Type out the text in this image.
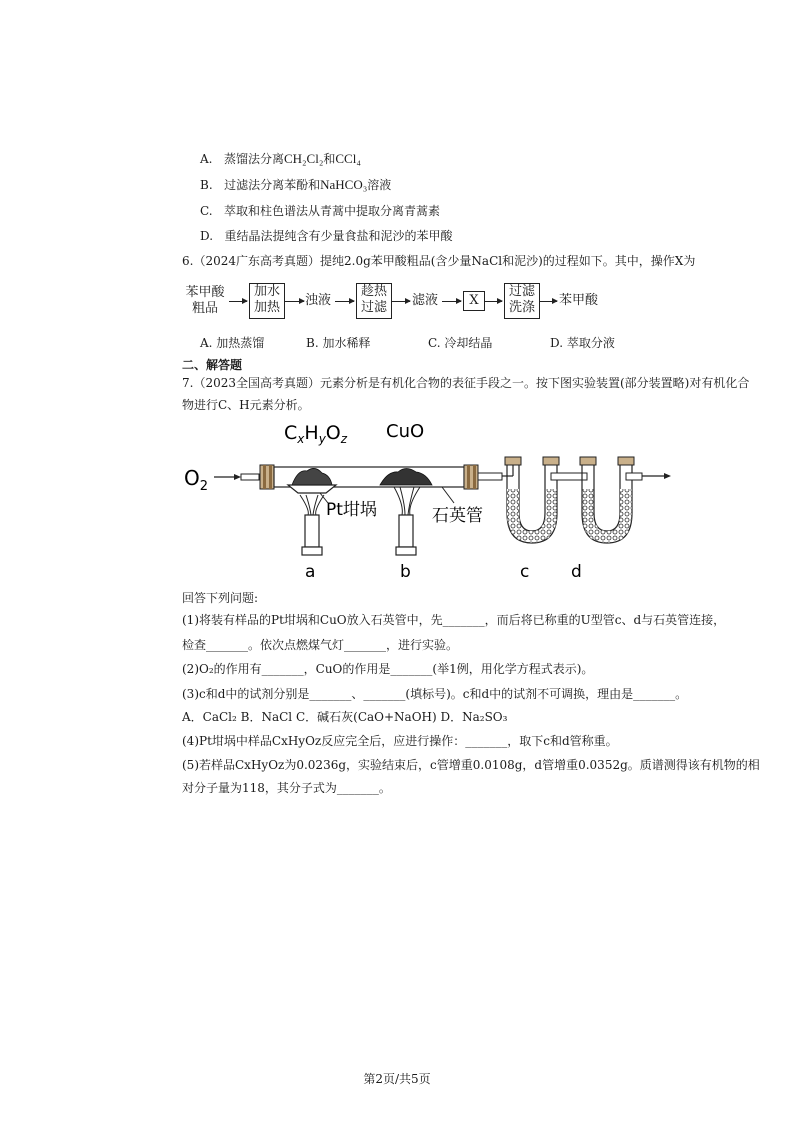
A. 蒸馏法分离CH₂Cl₂和CCl₄
B. 过滤法分离苯酚和NaHCO₃溶液
C. 萃取和柱色谱法从青蒿中提取分离青蒿素
D. 重结晶法提纯含有少量食盐和泥沙的苯甲酸
6.（2024广东高考真题）提纯2.0g苯甲酸粗品(含少量NaCl和泥沙)的过程如下。其中，操作X为
苯甲酸
粗品
加水
加热	浊液
趁热
过滤	滤液	X
过滤
洗涤	苯甲酸
A. 加热蒸馏	B. 加水稀释	C. 冷却结晶	D. 萃取分液
二、解答题
7.（2023全国高考真题）元素分析是有机化合物的表征手段之一。按下图实验装置(部分装置略)对有机化合
物进行C、H元素分析。
$O_2$
$C_xH_yO_z$ CuO
Pt坩埚	石英管
a	b	c d
回答下列问题:
(1)将装有样品的Pt坩埚和CuO放入石英管中，先_______，而后将已称重的U型管c、d与石英管连接，
检查_______。依次点燃煤气灯_______，进行实验。
(2)O₂的作用有_______，CuO的作用是_______(举1例，用化学方程式表示)。
(3)c和d中的试剂分别是_______、_______(填标号)。c和d中的试剂不可调换，理由是_______。
A．CaCl₂ B．NaCl C．碱石灰(CaO+NaOH) D．Na₂SO₃
(4)Pt坩埚中样品CxHyOz反应完全后，应进行操作：_______，取下c和d管称重。
(5)若样品CxHyOz为0.0236g，实验结束后，c管增重0.0108g，d管增重0.0352g。质谱测得该有机物的相
对分子量为118，其分子式为_______。
第2页/共5页
